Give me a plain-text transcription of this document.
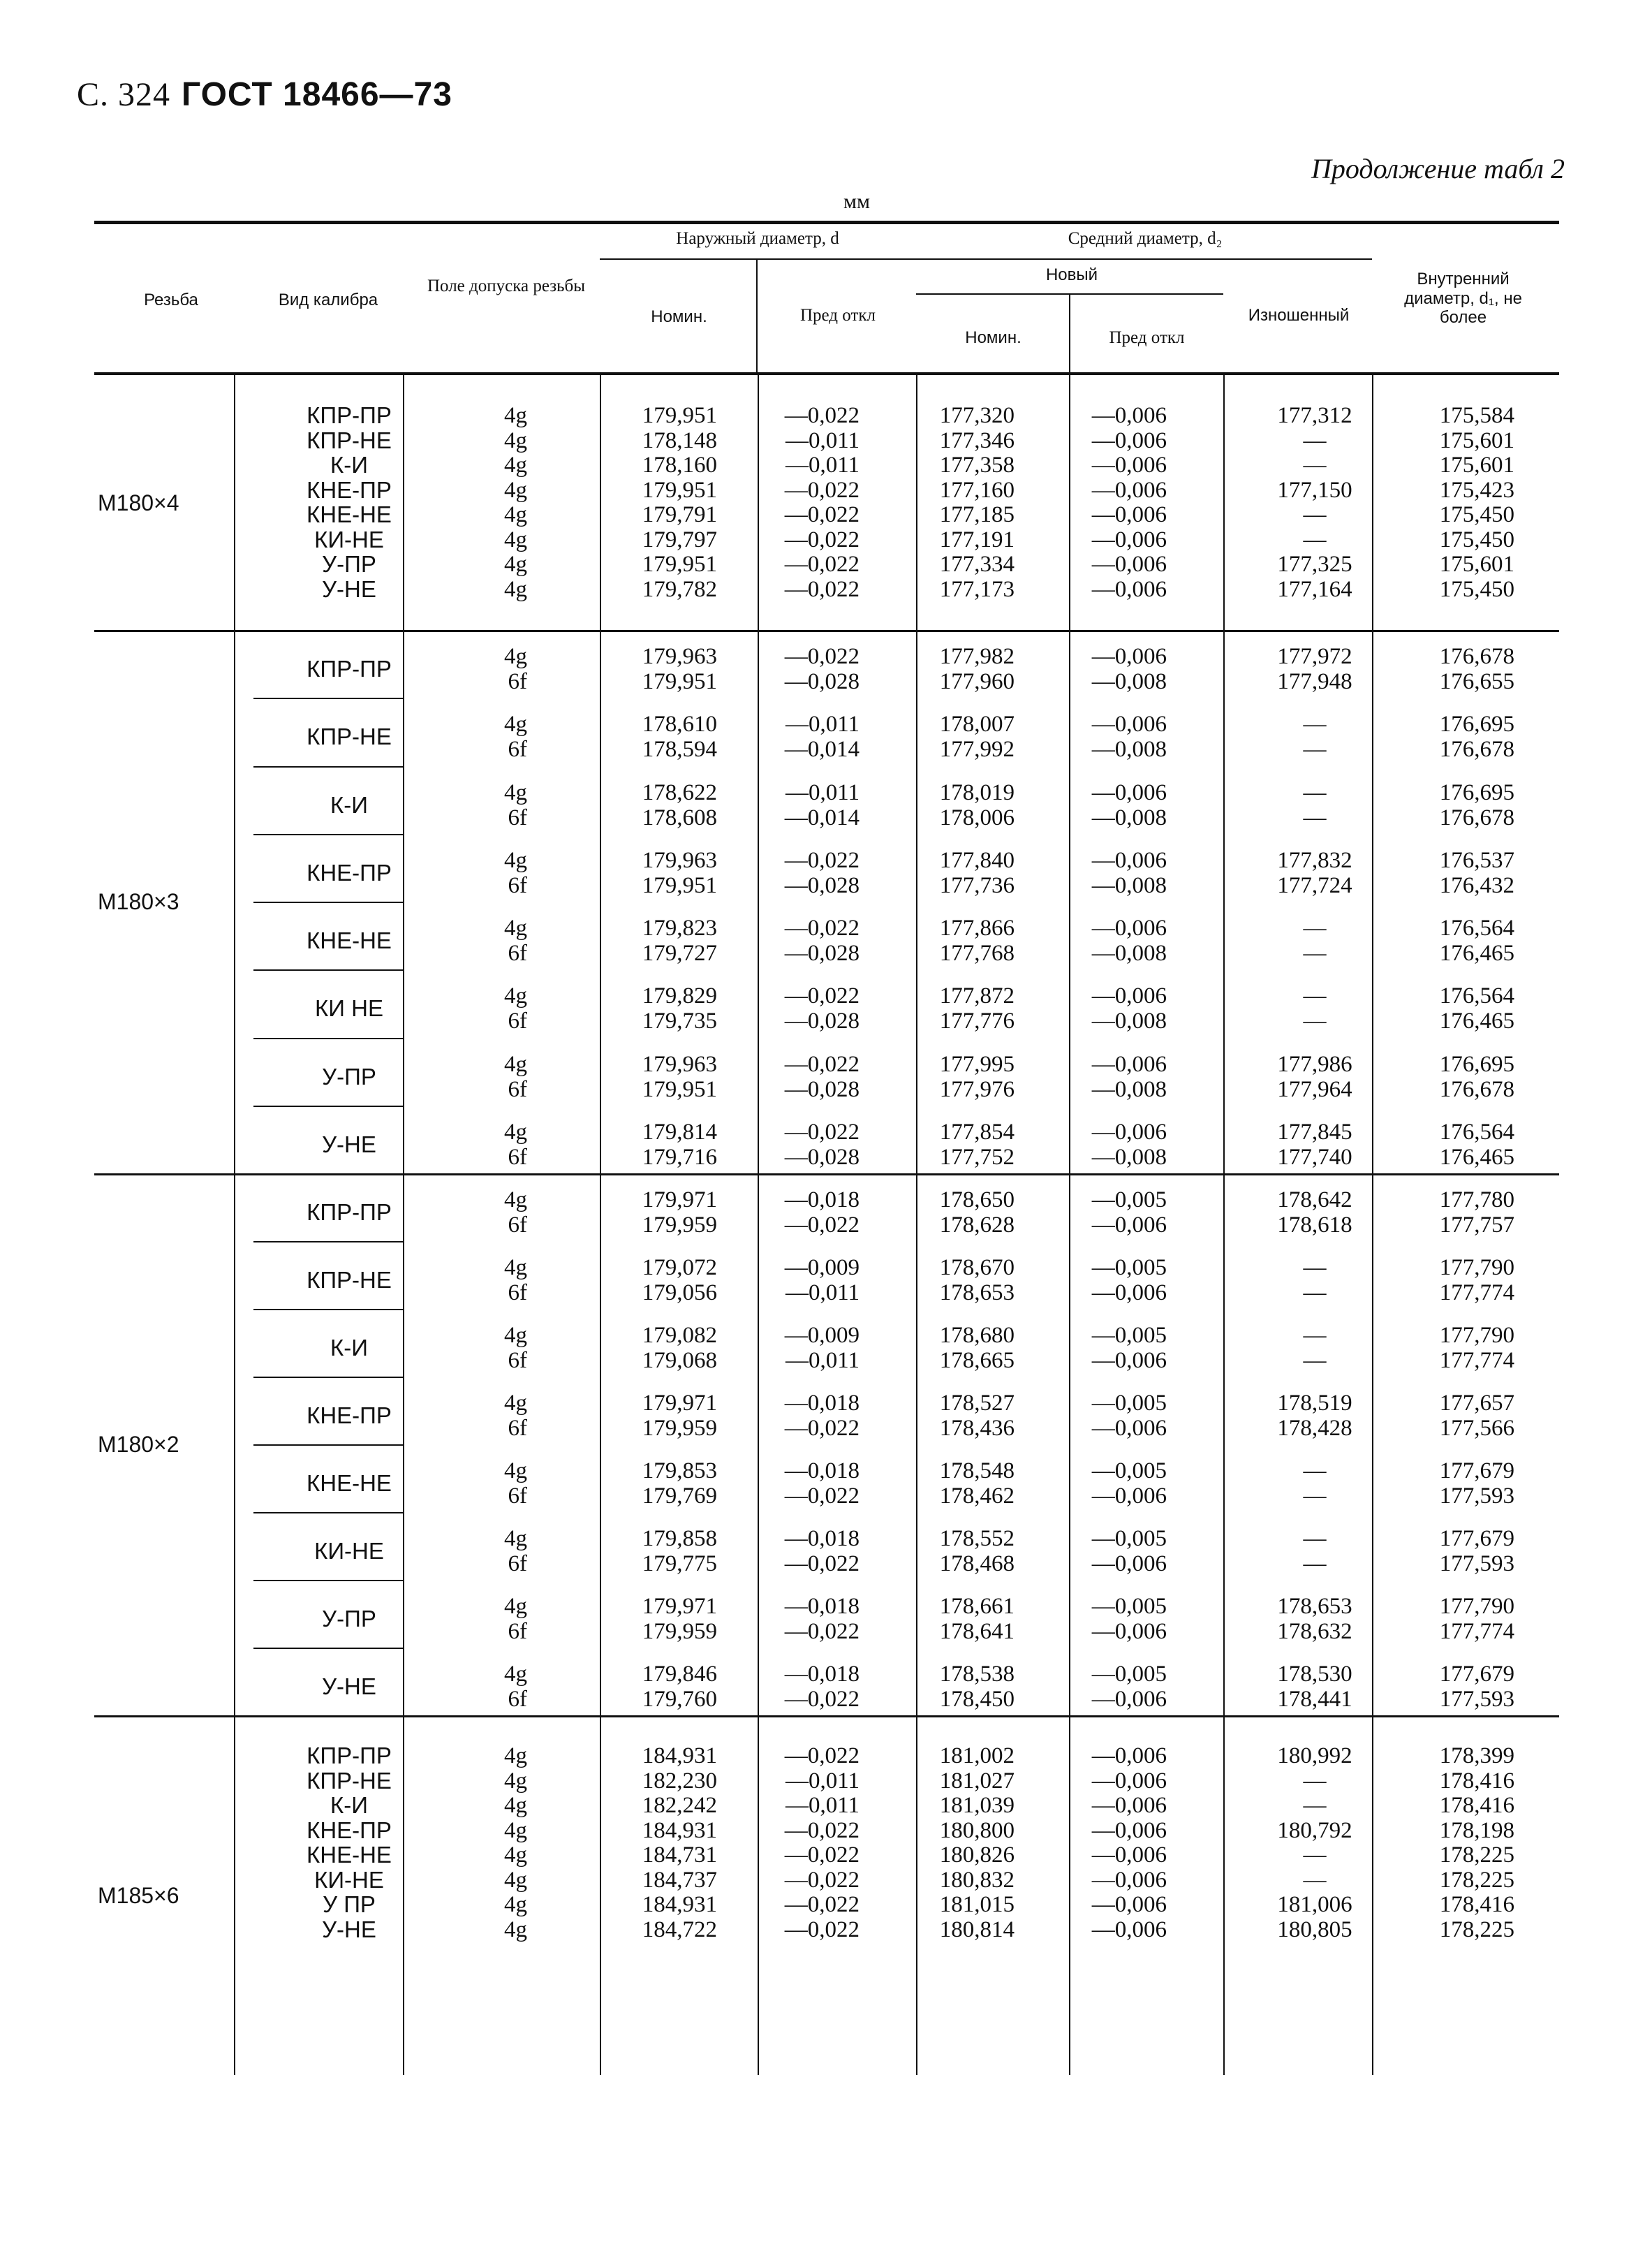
С. 324 ГОСТ 18466—73
Продолжение табл 2
мм
Резьба	Вид калибра
Поле допуска резьбы
Наружный диаметр, d
Номин.	Пред откл
Средний диаметр, d₂
Новый
Номин.	Пред откл
Изношенный
Внутренний диаметр, d₁, не более
М180×4
КПР-ПР	4g	179,951	—0,022	177,320	—0,006	177,312	175,584
КПР-НЕ	4g	178,148	—0,011	177,346	—0,006	—	175,601
К-И	4g	178,160	—0,011	177,358	—0,006	—	175,601
КНЕ-ПР	4g	179,951	—0,022	177,160	—0,006	177,150	175,423
КНЕ-НЕ	4g	179,791	—0,022	177,185	—0,006	—	175,450
КИ-НЕ	4g	179,797	—0,022	177,191	—0,006	—	175,450
У-ПР	4g	179,951	—0,022	177,334	—0,006	177,325	175,601
У-НЕ	4g	179,782	—0,022	177,173	—0,006	177,164	175,450
М180×3
КПР-ПР	4g	179,963	—0,022	177,982	—0,006	177,972	176,678
6f	179,951	—0,028	177,960	—0,008	177,948	176,655
КПР-НЕ	4g	178,610	—0,011	178,007	—0,006	—	176,695
6f	178,594	—0,014	177,992	—0,008	—	176,678
К-И	4g	178,622	—0,011	178,019	—0,006	—	176,695
6f	178,608	—0,014	178,006	—0,008	—	176,678
КНЕ-ПР	4g	179,963	—0,022	177,840	—0,006	177,832	176,537
6f	179,951	—0,028	177,736	—0,008	177,724	176,432
КНЕ-НЕ	4g	179,823	—0,022	177,866	—0,006	—	176,564
6f	179,727	—0,028	177,768	—0,008	—	176,465
КИ НЕ	4g	179,829	—0,022	177,872	—0,006	—	176,564
6f	179,735	—0,028	177,776	—0,008	—	176,465
У-ПР	4g	179,963	—0,022	177,995	—0,006	177,986	176,695
6f	179,951	—0,028	177,976	—0,008	177,964	176,678
У-НЕ	4g	179,814	—0,022	177,854	—0,006	177,845	176,564
6f	179,716	—0,028	177,752	—0,008	177,740	176,465
М180×2
КПР-ПР	4g	179,971	—0,018	178,650	—0,005	178,642	177,780
6f	179,959	—0,022	178,628	—0,006	178,618	177,757
КПР-НЕ	4g	179,072	—0,009	178,670	—0,005	—	177,790
6f	179,056	—0,011	178,653	—0,006	—	177,774
К-И	4g	179,082	—0,009	178,680	—0,005	—	177,790
6f	179,068	—0,011	178,665	—0,006	—	177,774
КНЕ-ПР	4g	179,971	—0,018	178,527	—0,005	178,519	177,657
6f	179,959	—0,022	178,436	—0,006	178,428	177,566
КНЕ-НЕ	4g	179,853	—0,018	178,548	—0,005	—	177,679
6f	179,769	—0,022	178,462	—0,006	—	177,593
КИ-НЕ	4g	179,858	—0,018	178,552	—0,005	—	177,679
6f	179,775	—0,022	178,468	—0,006	—	177,593
У-ПР	4g	179,971	—0,018	178,661	—0,005	178,653	177,790
6f	179,959	—0,022	178,641	—0,006	178,632	177,774
У-НЕ	4g	179,846	—0,018	178,538	—0,005	178,530	177,679
6f	179,760	—0,022	178,450	—0,006	178,441	177,593
М185×6
КПР-ПР	4g	184,931	—0,022	181,002	—0,006	180,992	178,399
КПР-НЕ	4g	182,230	—0,011	181,027	—0,006	—	178,416
К-И	4g	182,242	—0,011	181,039	—0,006	—	178,416
КНЕ-ПР	4g	184,931	—0,022	180,800	—0,006	180,792	178,198
КНЕ-НЕ	4g	184,731	—0,022	180,826	—0,006	—	178,225
КИ-НЕ	4g	184,737	—0,022	180,832	—0,006	—	178,225
У ПР	4g	184,931	—0,022	181,015	—0,006	181,006	178,416
У-НЕ	4g	184,722	—0,022	180,814	—0,006	180,805	178,225
